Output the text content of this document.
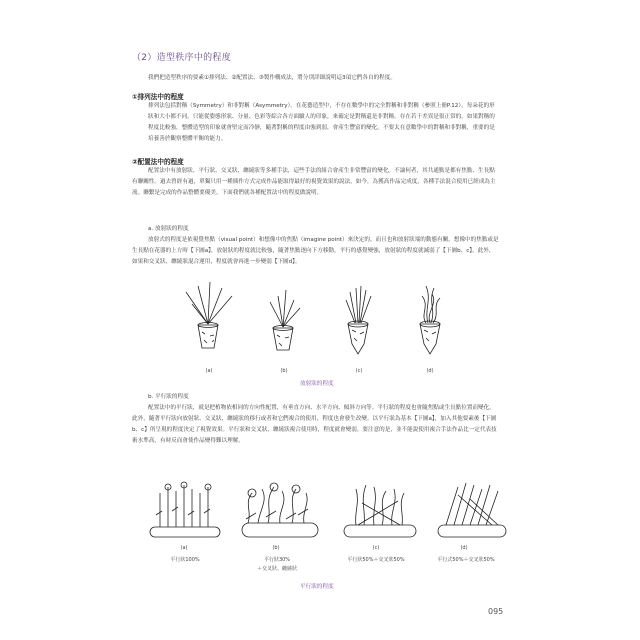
（2）造型秩序中的程度
我們把造型秩序的要素①排列法、②配置法、③製作構成法，將分別詳細說明這3項它們各自的程度。
①排列法中的程度
排列法包括對稱（Symmetry）和非對稱（Asymmetry）。在花藝造型中，不存在數學中的完全對稱和非對稱（參照上冊P.12），每朵花的形狀和大小都不同，只能從姿態形狀、分量、色彩等綜合各方面驗人的印象，來確定是對稱還是非對稱。存在若干差異是很正常的。如果對稱的程度比較強，整體造型的印象就會堅定而冷靜，隨著對稱的程度由強到弱，會產生豐富的變化。不要太在意數學中的對稱和非對稱，重要的是培養善於觀察整體平衡的能力。
②配置法中的程度
配置法中有放射狀、平行狀、交叉狀、纏繞狀等多種手法，這些手法的組合會產生非常豐富的變化。不論何者，其共通點是都有焦點、生長點有聯關性。過去曾經有過，單獨只用一種插作方式完成作品能取得最好的視覺效果的說法，如今，為獲高作品完成度，各種手法混合使用已經成為主流。聯繫是完成的作品整體要優美。下面我們就各種配置法中的程度做說明。
a. 放射狀的程度
放射式的程度是依視覺焦點（visual point）和想像中的焦點（imagine point）來決定的，而且也和放射狀端的動態有關。想像中的焦點或是生長點在花器的上方時【下圖a】，放射狀的程度就比較強，隨著焦點逐向下方移動，平行的感覺變強，放射狀的程度就減弱了【下圖b、c】。此外，如果和交叉狀、纏繞狀混合運用，程度就會再進一步變弱【下圖d】。
(a)	(b)	(c)	(d)
放射狀的程度
b. 平行狀的程度
配置法中的平行狀，就是把植物依相同的方向性配置，有垂直方向、水平方向、傾斜方向等。平行狀的程度也會隨焦點或生長點位置而變化。此外，隨著平行狀向放射狀、交叉狀、纏繞狀的移行或者和它們複合的使用，程度也會發生改變。以平行狀為基本【下圖a】，加入其他要素後【下圖b、c】所呈現的程度決定了視覺效果。平行狀和交叉狀、纏繞狀複合使用時，程度就會變弱。要注意的是，並不能說使用複合手法作品比一定代表技術水準高，有時反而會使作品變得難以理解。
(a)	(b)	(c)	(d)
平行狀100%	平行狀30%
＋交叉狀、纏繞狀
平行狀50%＋交叉狀50%	平行式50%＋交叉狀50%
平行狀的程度
095
